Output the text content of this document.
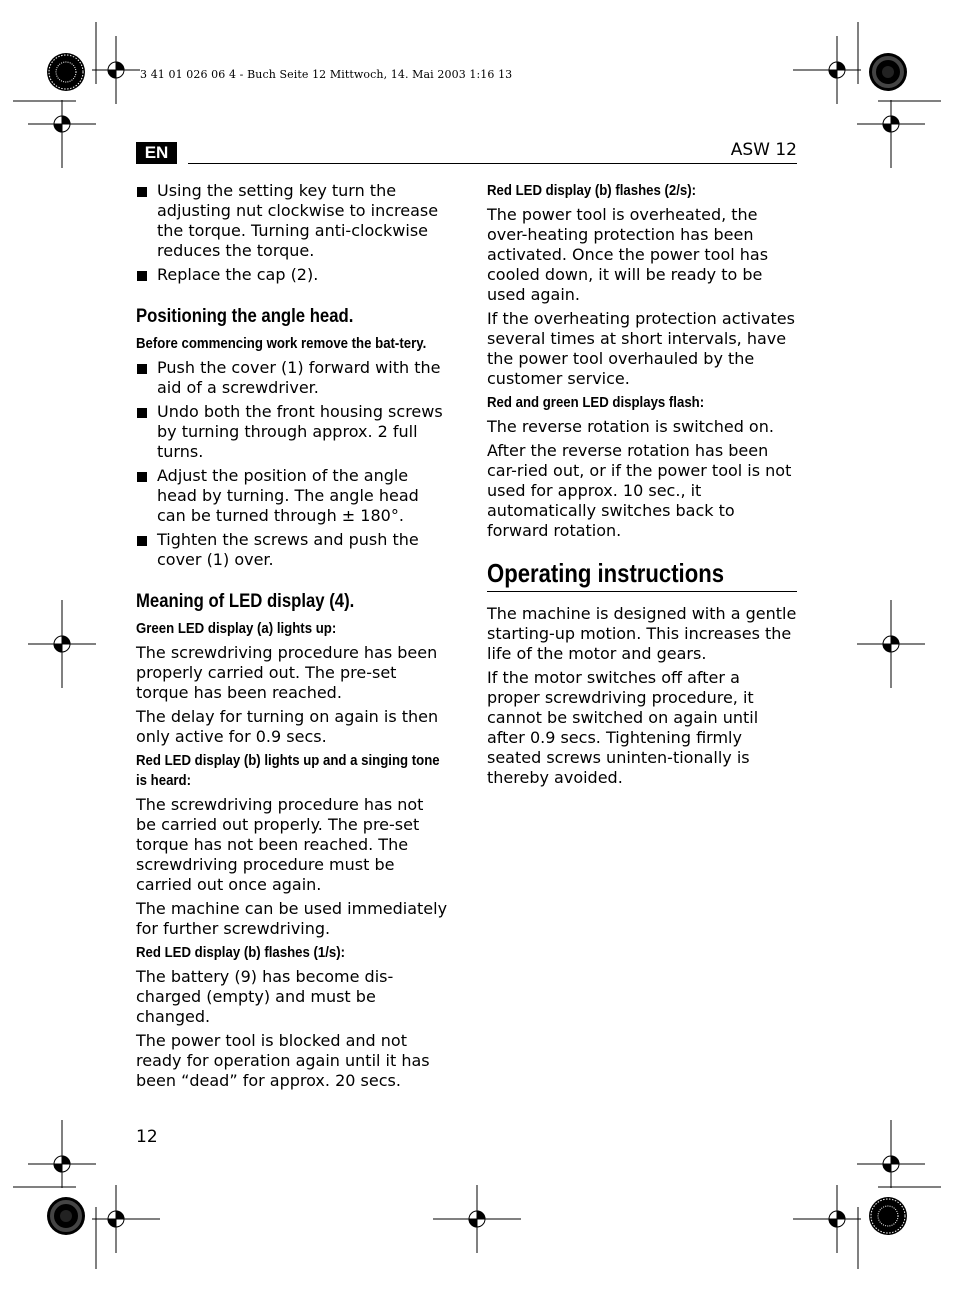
3 41 01 026 06 4 - Buch Seite 12 Mittwoch, 14. Mai 2003 1:16 13
EN	ASW 12
Using the setting key turn the adjusting nut clockwise to increase the torque. Turning anti-clockwise reduces the torque.
Replace the cap (2).
Positioning the angle head.
Before commencing work remove the bat-tery.
Push the cover (1) forward with the aid of a screwdriver.
Undo both the front housing screws by turning through approx. 2 full turns.
Adjust the position of the angle head by turning. The angle head can be turned through ± 180°.
Tighten the screws and push the cover (1) over.
Meaning of LED display (4).
Green LED display (a) lights up:

The screwdriving procedure has been properly carried out. The pre-set torque has been reached.

The delay for turning on again is then only active for 0.9 secs.

Red LED display (b) lights up and a singing tone is heard:

The screwdriving procedure has not be carried out properly. The pre-set torque has not been reached. The screwdriving procedure must be carried out once again.

The machine can be used immediately for further screwdriving.

Red LED display (b) flashes (1/s):

The battery (9) has become dis-charged (empty) and must be changed.

The power tool is blocked and not ready for operation again until it has been “dead” for approx. 20 secs.

Red LED display (b) flashes (2/s):

The power tool is overheated, the over-heating protection has been activated. Once the power tool has cooled down, it will be ready to be used again.

If the overheating protection activates several times at short intervals, have the power tool overhauled by the customer service.

Red and green LED displays flash:

The reverse rotation is switched on.

After the reverse rotation has been car-ried out, or if the power tool is not used for approx. 10 sec., it automatically switches back to forward rotation.

Operating instructions

The machine is designed with a gentle starting-up motion. This increases the life of the motor and gears.

If the motor switches off after a proper screwdriving procedure, it cannot be switched on again until after 0.9 secs. Tightening firmly seated screws uninten-tionally is thereby avoided.

12
